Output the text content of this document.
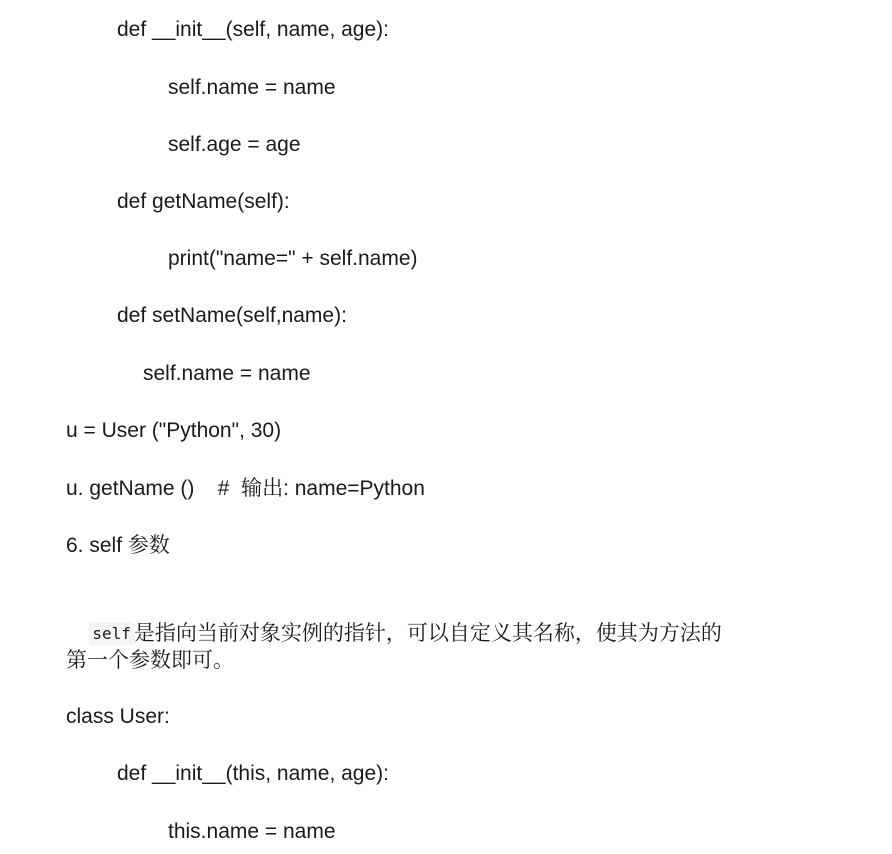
def __init__(self, name, age):
self.name = name
self.age = age
def getName(self):
print("name=" + self.name)
def setName(self,name):
self.name = name
u = User ("Python", 30)
u. getName ()    #  输出: name=Python
6. self 参数

self 是指向当前对象实例的指针，可以自定义其名称，使其为方法的

第一个参数即可。
class User:
def __init__(this, name, age):
this.name = name
